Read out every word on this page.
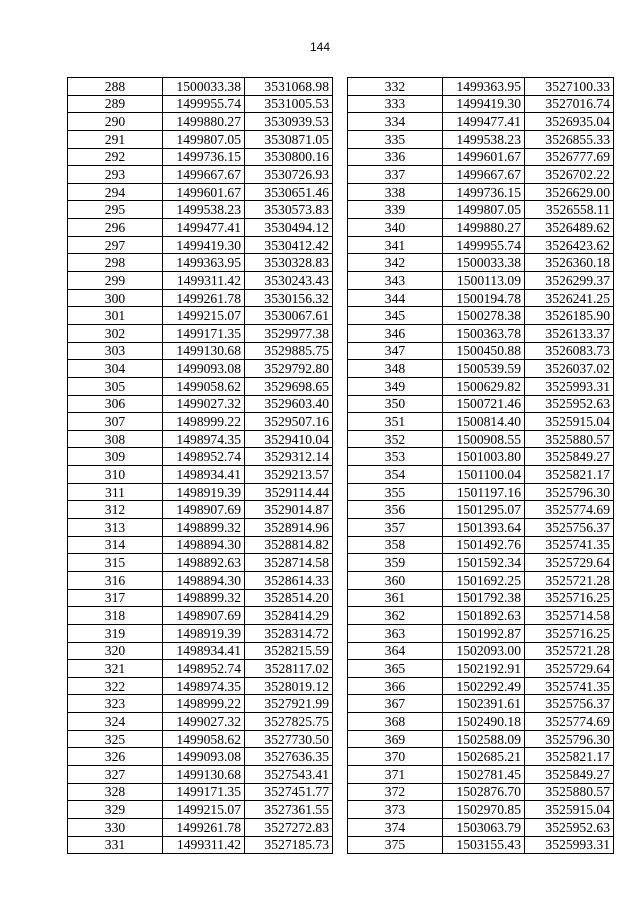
144
288	1500033.38	3531068.98
289	1499955.74	3531005.53
290	1499880.27	3530939.53
291	1499807.05	3530871.05
292	1499736.15	3530800.16
293	1499667.67	3530726.93
294	1499601.67	3530651.46
295	1499538.23	3530573.83
296	1499477.41	3530494.12
297	1499419.30	3530412.42
298	1499363.95	3530328.83
299	1499311.42	3530243.43
300	1499261.78	3530156.32
301	1499215.07	3530067.61
302	1499171.35	3529977.38
303	1499130.68	3529885.75
304	1499093.08	3529792.80
305	1499058.62	3529698.65
306	1499027.32	3529603.40
307	1498999.22	3529507.16
308	1498974.35	3529410.04
309	1498952.74	3529312.14
310	1498934.41	3529213.57
311	1498919.39	3529114.44
312	1498907.69	3529014.87
313	1498899.32	3528914.96
314	1498894.30	3528814.82
315	1498892.63	3528714.58
316	1498894.30	3528614.33
317	1498899.32	3528514.20
318	1498907.69	3528414.29
319	1498919.39	3528314.72
320	1498934.41	3528215.59
321	1498952.74	3528117.02
322	1498974.35	3528019.12
323	1498999.22	3527921.99
324	1499027.32	3527825.75
325	1499058.62	3527730.50
326	1499093.08	3527636.35
327	1499130.68	3527543.41
328	1499171.35	3527451.77
329	1499215.07	3527361.55
330	1499261.78	3527272.83
331	1499311.42	3527185.73
332	1499363.95	3527100.33
333	1499419.30	3527016.74
334	1499477.41	3526935.04
335	1499538.23	3526855.33
336	1499601.67	3526777.69
337	1499667.67	3526702.22
338	1499736.15	3526629.00
339	1499807.05	3526558.11
340	1499880.27	3526489.62
341	1499955.74	3526423.62
342	1500033.38	3526360.18
343	1500113.09	3526299.37
344	1500194.78	3526241.25
345	1500278.38	3526185.90
346	1500363.78	3526133.37
347	1500450.88	3526083.73
348	1500539.59	3526037.02
349	1500629.82	3525993.31
350	1500721.46	3525952.63
351	1500814.40	3525915.04
352	1500908.55	3525880.57
353	1501003.80	3525849.27
354	1501100.04	3525821.17
355	1501197.16	3525796.30
356	1501295.07	3525774.69
357	1501393.64	3525756.37
358	1501492.76	3525741.35
359	1501592.34	3525729.64
360	1501692.25	3525721.28
361	1501792.38	3525716.25
362	1501892.63	3525714.58
363	1501992.87	3525716.25
364	1502093.00	3525721.28
365	1502192.91	3525729.64
366	1502292.49	3525741.35
367	1502391.61	3525756.37
368	1502490.18	3525774.69
369	1502588.09	3525796.30
370	1502685.21	3525821.17
371	1502781.45	3525849.27
372	1502876.70	3525880.57
373	1502970.85	3525915.04
374	1503063.79	3525952.63
375	1503155.43	3525993.31
